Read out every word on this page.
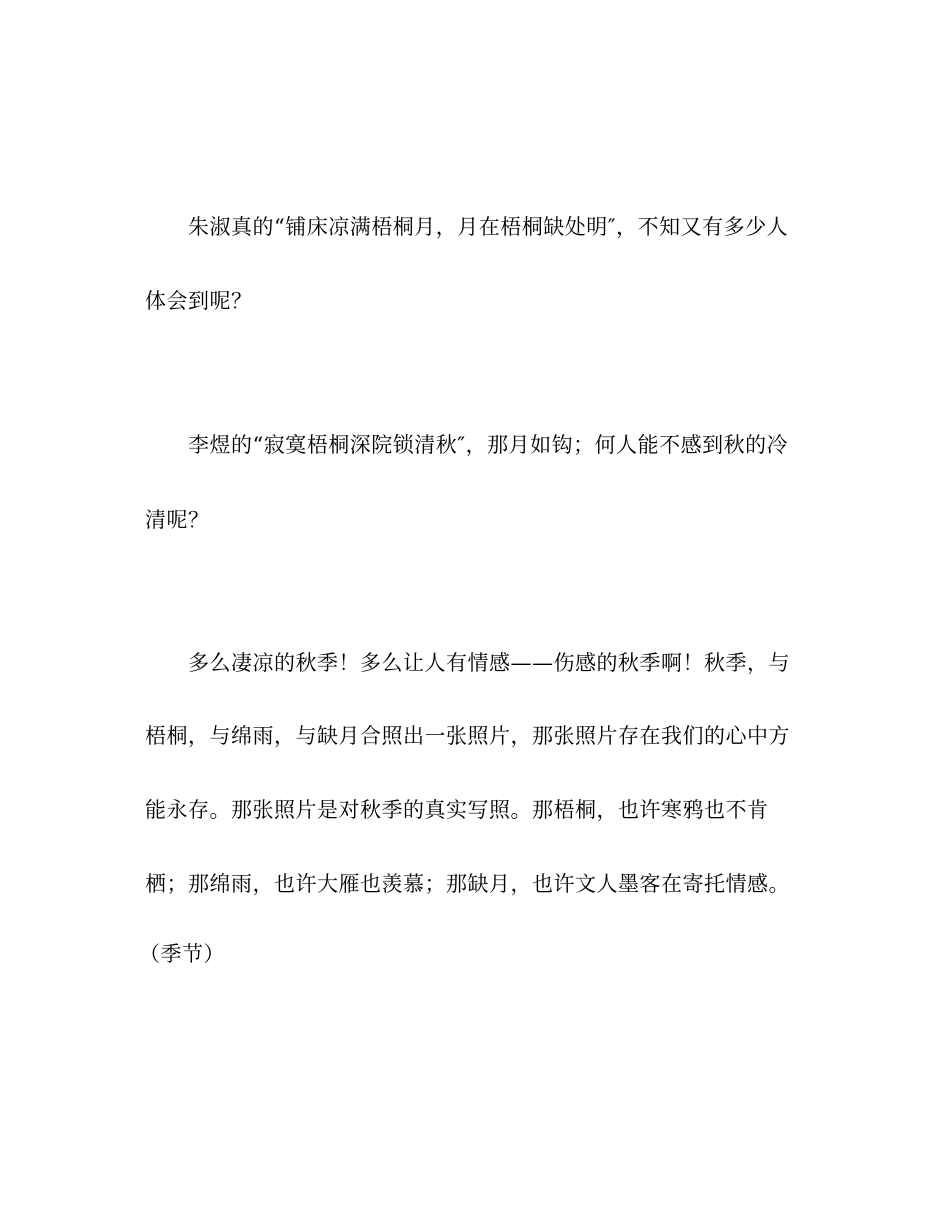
朱淑真的“铺床凉满梧桐月，月在梧桐缺处明″，不知又有多少人
体会到呢？
李煜的“寂寞梧桐深院锁清秋″，那月如钩；何人能不感到秋的冷
清呢？
多么凄凉的秋季！多么让人有情感——伤感的秋季啊！秋季，与
梧桐，与绵雨，与缺月合照出一张照片，那张照片存在我们的心中方
能永存。那张照片是对秋季的真实写照。那梧桐，也许寒鸦也不肯
栖；那绵雨，也许大雁也羡慕；那缺月，也许文人墨客在寄托情感。
（季节）
